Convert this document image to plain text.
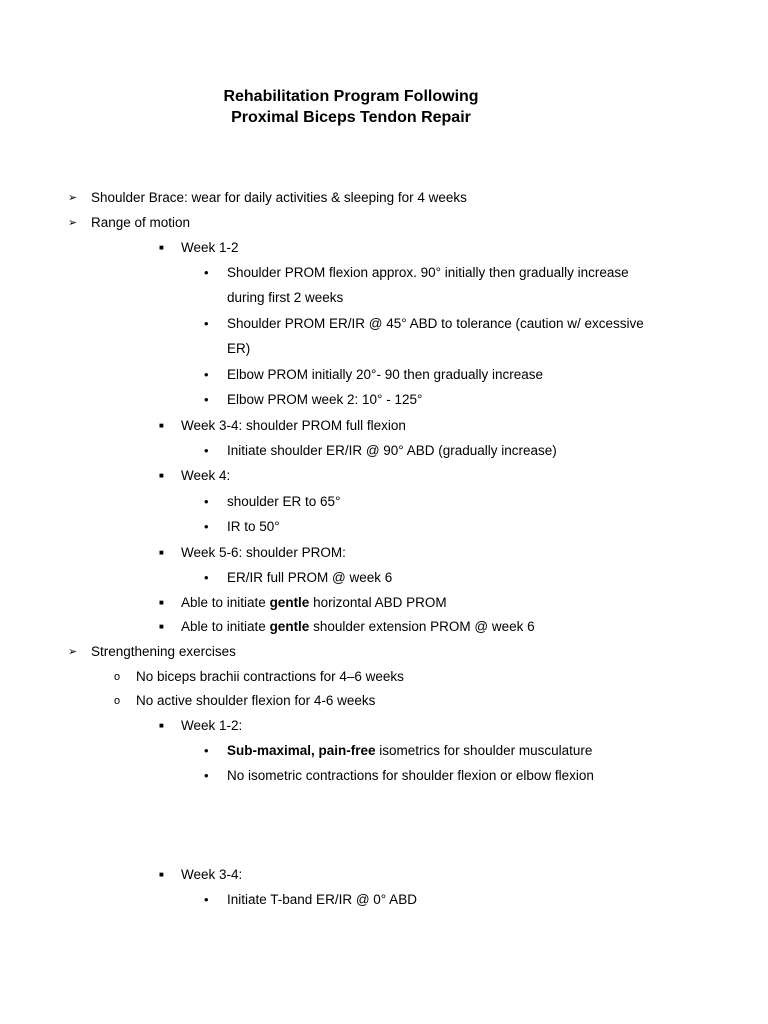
Rehabilitation Program Following
Proximal Biceps Tendon Repair
➢ Shoulder Brace: wear for daily activities & sleeping for 4 weeks
➢ Range of motion
■ Week 1-2
• Shoulder PROM flexion approx. 90° initially then gradually increase
during first 2 weeks
• Shoulder PROM ER/IR @ 45° ABD to tolerance (caution w/ excessive
ER)
• Elbow PROM initially 20°- 90 then gradually increase
• Elbow PROM week 2: 10° - 125°
■ Week 3-4: shoulder PROM full flexion
• Initiate shoulder ER/IR @ 90° ABD (gradually increase)
■ Week 4:
• shoulder ER to 65°
• IR to 50°
■ Week 5-6: shoulder PROM:
• ER/IR full PROM @ week 6
■ Able to initiate gentle horizontal ABD PROM
■ Able to initiate gentle shoulder extension PROM @ week 6
➢ Strengthening exercises
o No biceps brachii contractions for 4–6 weeks
o No active shoulder flexion for 4-6 weeks
■ Week 1-2:
• Sub-maximal, pain-free isometrics for shoulder musculature
• No isometric contractions for shoulder flexion or elbow flexion
■ Week 3-4:
• Initiate T-band ER/IR @ 0° ABD
